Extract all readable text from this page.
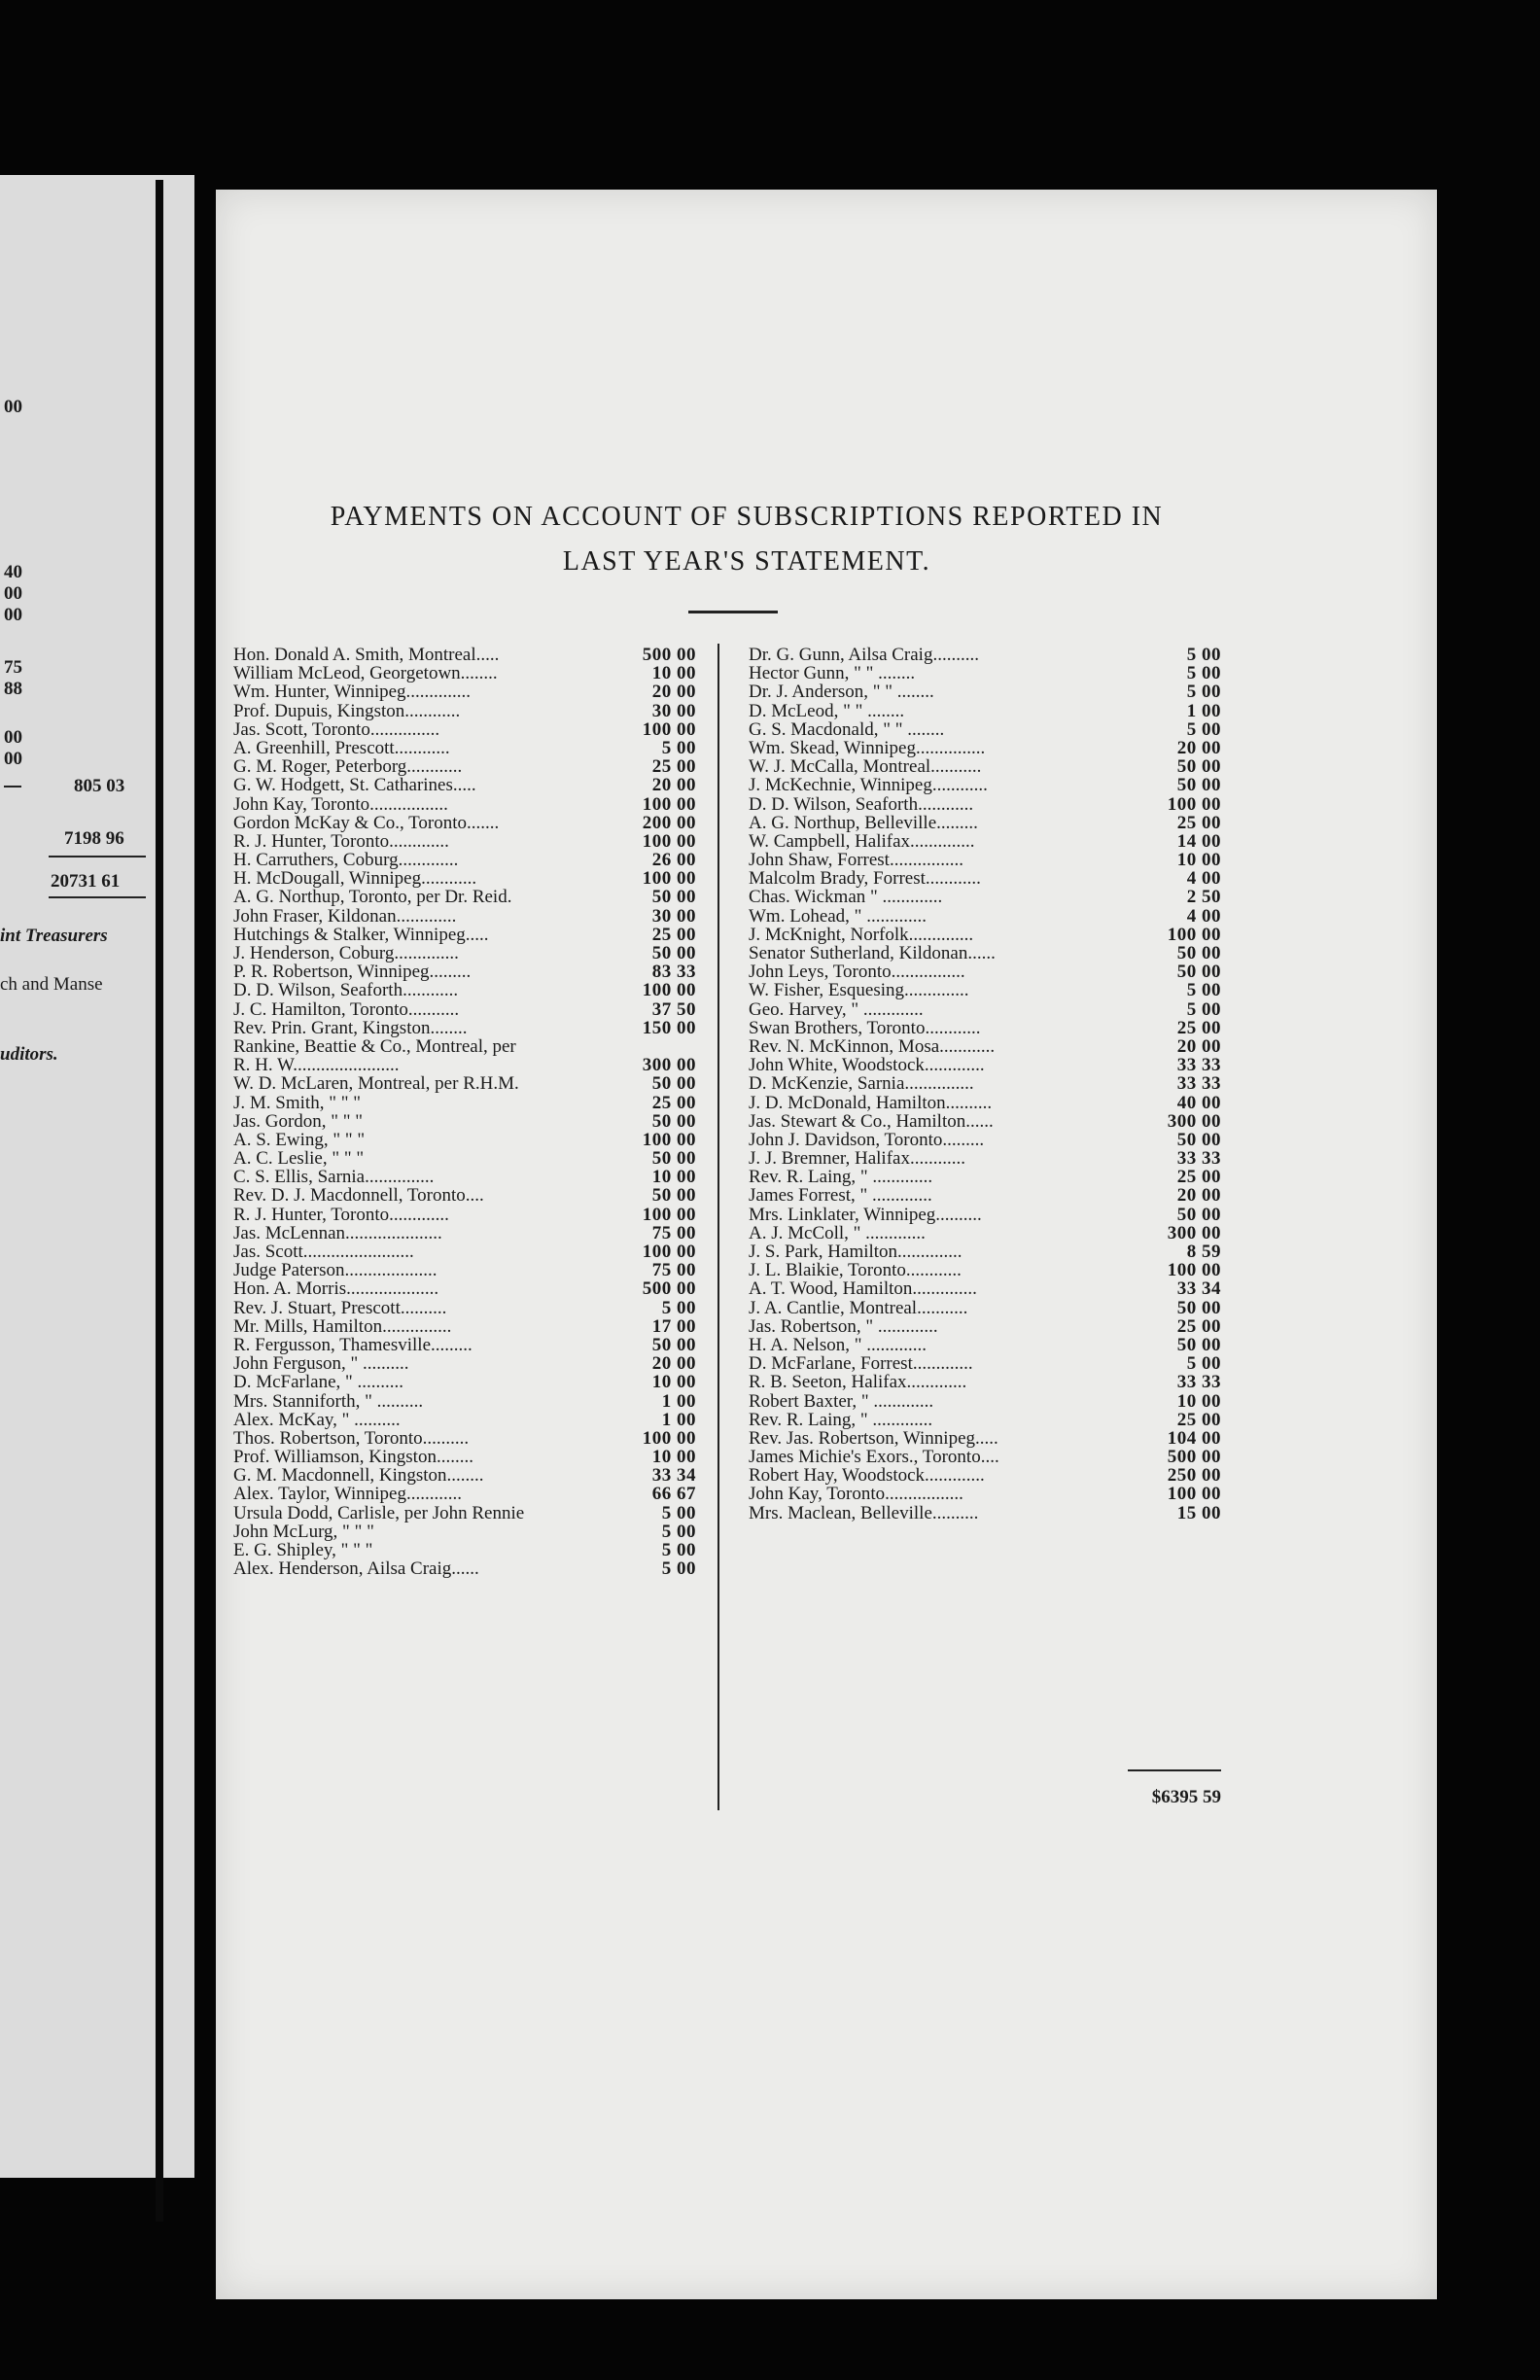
00
40
00
00
75
88
00
00
805 03
7198 96
20731 61
int Treasurers
ch and Manse
uditors.
PAYMENTS ON ACCOUNT OF SUBSCRIPTIONS REPORTED IN
LAST YEAR'S STATEMENT.
Hon. Donald A. Smith, Montreal.....	500 00
William McLeod, Georgetown........	10 00
Wm. Hunter, Winnipeg..............	20 00
Prof. Dupuis, Kingston............	30 00
Jas. Scott, Toronto...............	100 00
A. Greenhill, Prescott............	5 00
G. M. Roger, Peterborg............	25 00
G. W. Hodgett, St. Catharines.....	20 00
John Kay, Toronto.................	100 00
Gordon McKay & Co., Toronto.......	200 00
R. J. Hunter, Toronto.............	100 00
H. Carruthers, Coburg.............	26 00
H. McDougall, Winnipeg............	100 00
A. G. Northup, Toronto, per Dr. Reid.	50 00
John Fraser, Kildonan.............	30 00
Hutchings & Stalker, Winnipeg.....	25 00
J. Henderson, Coburg..............	50 00
P. R. Robertson, Winnipeg.........	83 33
D. D. Wilson, Seaforth............	100 00
J. C. Hamilton, Toronto...........	37 50
Rev. Prin. Grant, Kingston........	150 00
Rankine, Beattie & Co., Montreal, per
R. H. W.......................	300 00
W. D. McLaren, Montreal, per R.H.M.	50 00
J. M. Smith, " " "	25 00
Jas. Gordon, " " "	50 00
A. S. Ewing, " " "	100 00
A. C. Leslie, " " "	50 00
C. S. Ellis, Sarnia...............	10 00
Rev. D. J. Macdonnell, Toronto....	50 00
R. J. Hunter, Toronto.............	100 00
Jas. McLennan.....................	75 00
Jas. Scott........................	100 00
Judge Paterson....................	75 00
Hon. A. Morris....................	500 00
Rev. J. Stuart, Prescott..........	5 00
Mr. Mills, Hamilton...............	17 00
R. Fergusson, Thamesville.........	50 00
John Ferguson, " ..........	20 00
D. McFarlane, " ..........	10 00
Mrs. Stanniforth, " ..........	1 00
Alex. McKay, " ..........	1 00
Thos. Robertson, Toronto..........	100 00
Prof. Williamson, Kingston........	10 00
G. M. Macdonnell, Kingston........	33 34
Alex. Taylor, Winnipeg............	66 67
Ursula Dodd, Carlisle, per John Rennie	5 00
John McLurg, " " "	5 00
E. G. Shipley, " " "	5 00
Alex. Henderson, Ailsa Craig......	5 00
Dr. G. Gunn, Ailsa Craig..........	5 00
Hector Gunn, " " ........	5 00
Dr. J. Anderson, " " ........	5 00
D. McLeod, " " ........	1 00
G. S. Macdonald, " " ........	5 00
Wm. Skead, Winnipeg...............	20 00
W. J. McCalla, Montreal...........	50 00
J. McKechnie, Winnipeg............	50 00
D. D. Wilson, Seaforth............	100 00
A. G. Northup, Belleville.........	25 00
W. Campbell, Halifax..............	14 00
John Shaw, Forrest................	10 00
Malcolm Brady, Forrest............	4 00
Chas. Wickman " .............	2 50
Wm. Lohead, " .............	4 00
J. McKnight, Norfolk..............	100 00
Senator Sutherland, Kildonan......	50 00
John Leys, Toronto................	50 00
W. Fisher, Esquesing..............	5 00
Geo. Harvey, " .............	5 00
Swan Brothers, Toronto............	25 00
Rev. N. McKinnon, Mosa............	20 00
John White, Woodstock.............	33 33
D. McKenzie, Sarnia...............	33 33
J. D. McDonald, Hamilton..........	40 00
Jas. Stewart & Co., Hamilton......	300 00
John J. Davidson, Toronto.........	50 00
J. J. Bremner, Halifax............	33 33
Rev. R. Laing, " .............	25 00
James Forrest, " .............	20 00
Mrs. Linklater, Winnipeg..........	50 00
A. J. McColl, " .............	300 00
J. S. Park, Hamilton..............	8 59
J. L. Blaikie, Toronto............	100 00
A. T. Wood, Hamilton..............	33 34
J. A. Cantlie, Montreal...........	50 00
Jas. Robertson, " .............	25 00
H. A. Nelson, " .............	50 00
D. McFarlane, Forrest.............	5 00
R. B. Seeton, Halifax.............	33 33
Robert Baxter, " .............	10 00
Rev. R. Laing, " .............	25 00
Rev. Jas. Robertson, Winnipeg.....	104 00
James Michie's Exors., Toronto....	500 00
Robert Hay, Woodstock.............	250 00
John Kay, Toronto.................	100 00
Mrs. Maclean, Belleville..........	15 00
$6395 59
